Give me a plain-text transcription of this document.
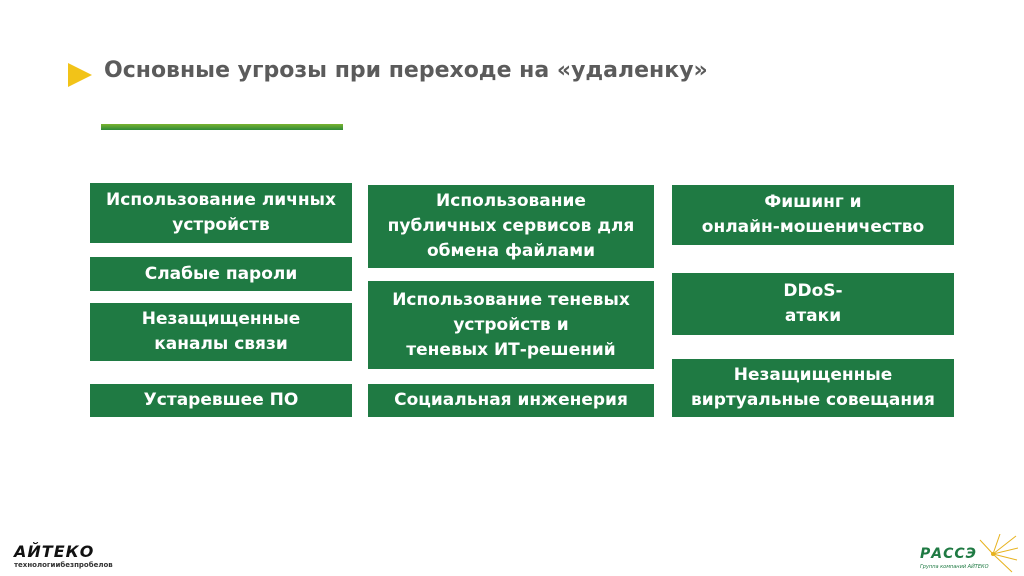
Основные угрозы при переходе на «удаленку»
Использование личных
устройств
Слабые пароли
Незащищенные
каналы связи
Устаревшее ПО
Использование
публичных сервисов для
обмена файлами
Использование теневых
устройств и
теневых ИТ-решений
Социальная инженерия
Фишинг и
онлайн-мошеничество
DDoS-
атаки
Незащищенные
виртуальные совещания
АЙТЕКО
технологиибезпробелов
РАССЭ
Группа компаний АЙТЕКО
